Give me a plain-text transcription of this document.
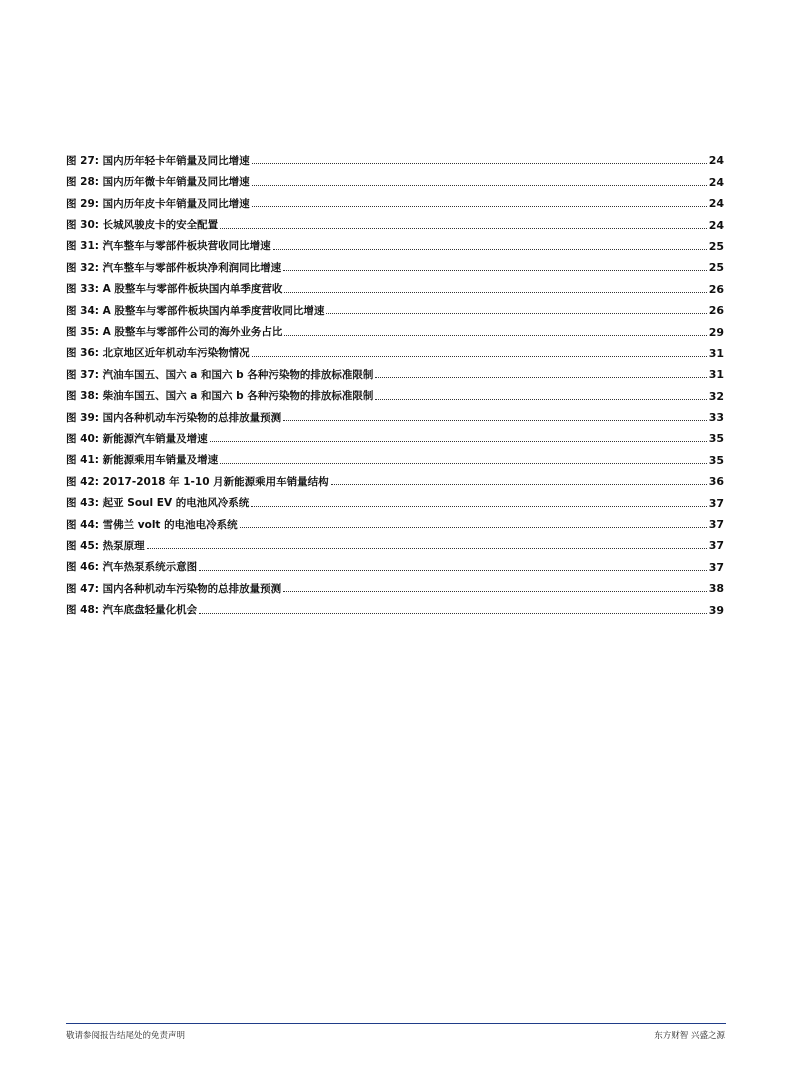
图 27: 国内历年轻卡年销量及同比增速	24
图 28: 国内历年微卡年销量及同比增速	24
图 29: 国内历年皮卡年销量及同比增速	24
图 30: 长城风骏皮卡的安全配置	24
图 31: 汽车整车与零部件板块营收同比增速	25
图 32: 汽车整车与零部件板块净利润同比增速	25
图 33: A 股整车与零部件板块国内单季度营收	26
图 34: A 股整车与零部件板块国内单季度营收同比增速	26
图 35: A 股整车与零部件公司的海外业务占比	29
图 36: 北京地区近年机动车污染物情况	31
图 37: 汽油车国五、国六 a 和国六 b 各种污染物的排放标准限制	31
图 38: 柴油车国五、国六 a 和国六 b 各种污染物的排放标准限制	32
图 39: 国内各种机动车污染物的总排放量预测	33
图 40: 新能源汽车销量及增速	35
图 41: 新能源乘用车销量及增速	35
图 42: 2017-2018 年 1-10 月新能源乘用车销量结构	36
图 43: 起亚 Soul EV 的电池风冷系统	37
图 44: 雪佛兰 volt 的电池电冷系统	37
图 45: 热泵原理	37
图 46: 汽车热泵系统示意图	37
图 47: 国内各种机动车污染物的总排放量预测	38
图 48: 汽车底盘轻量化机会	39
敬请参阅报告结尾处的免责声明	东方财智 兴盛之源
